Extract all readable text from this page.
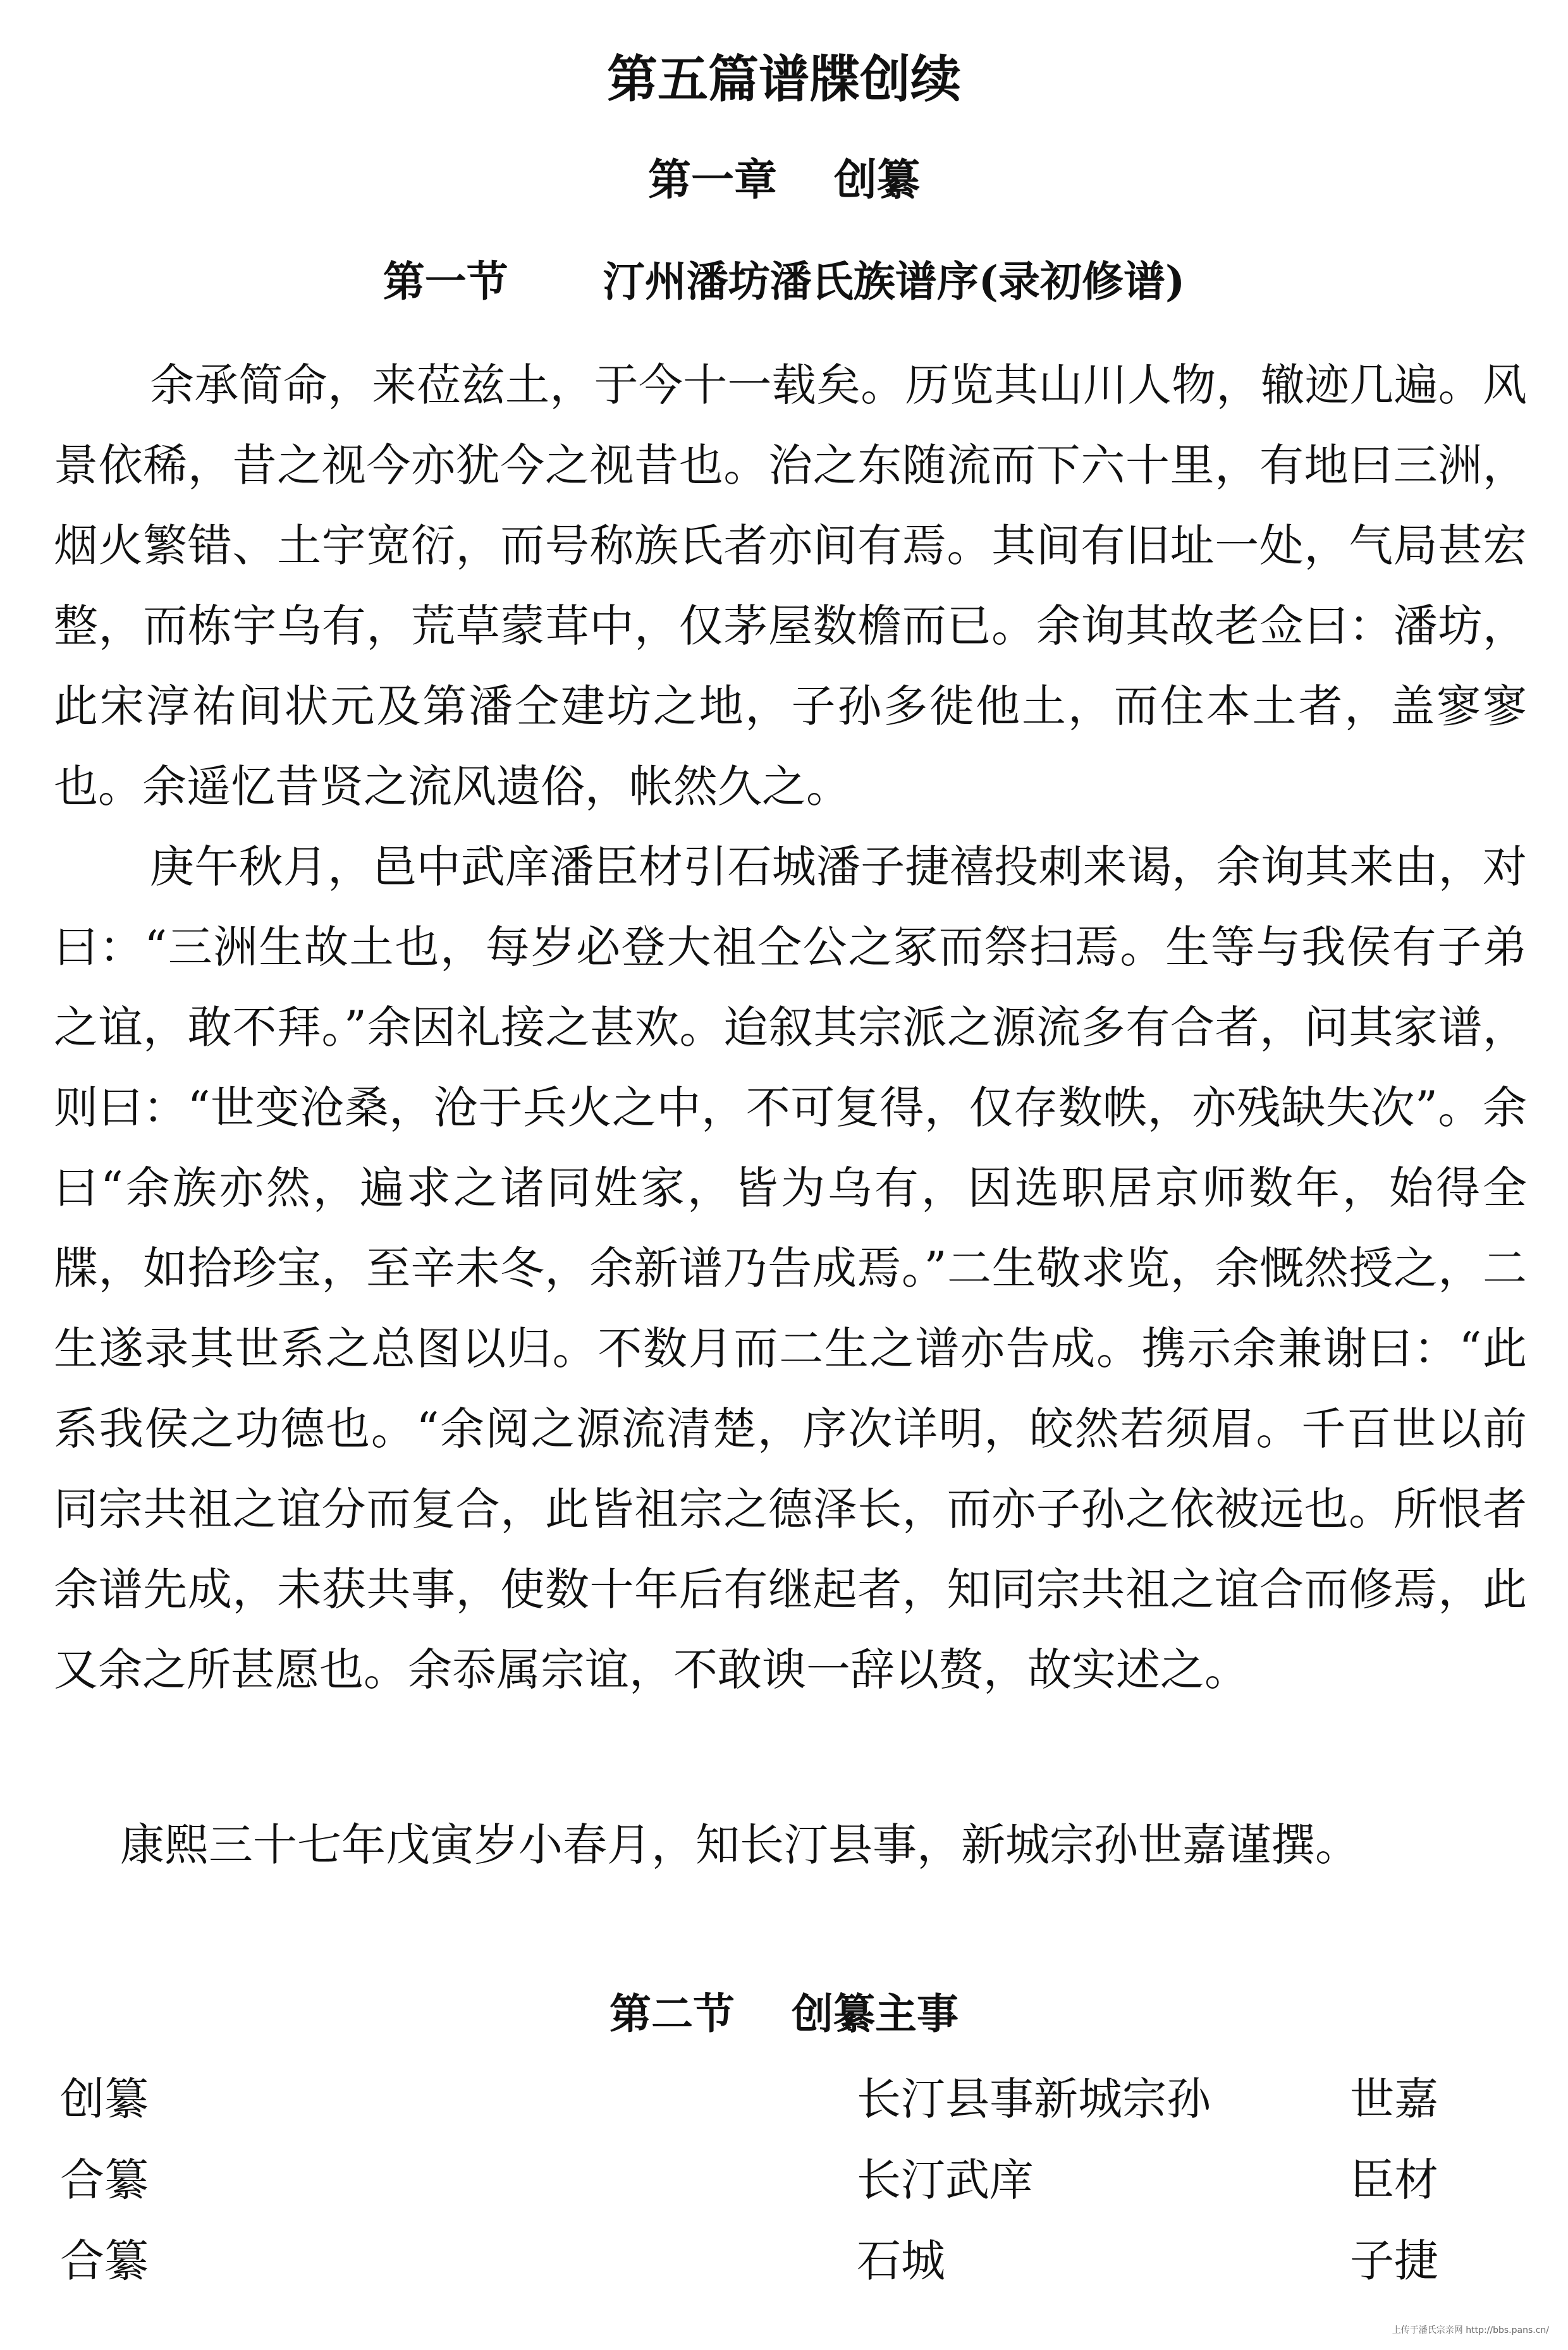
第五篇谱牒创续
第一章 创纂
第一节 汀州潘坊潘氏族谱序(录初修谱)

余承简命，来莅兹土，于今十一载矣。历览其山川人物，辙迹几遍。风景依稀，昔之视今亦犹今之视昔也。治之东随流而下六十里，有地曰三洲，烟火繁错、土宇宽衍，而号称族氏者亦间有焉。其间有旧址一处，气局甚宏整，而栋宇乌有，荒草蒙茸中，仅茅屋数檐而已。余询其故老佥曰：潘坊，此宋淳祐间状元及第潘仝建坊之地，子孙多徙他土，而住本土者，盖寥寥也。余遥忆昔贤之流风遗俗，帐然久之。

庚午秋月，邑中武庠潘臣材引石城潘子捷禧投刺来谒，余询其来由，对曰：“三洲生故土也，每岁必登大祖仝公之冢而祭扫焉。生等与我侯有子弟之谊，敢不拜。”余因礼接之甚欢。迨叙其宗派之源流多有合者，问其家谱，则曰：“世变沧桑，沧于兵火之中，不可复得，仅存数帙，亦残缺失次”。余曰“余族亦然，遍求之诸同姓家，皆为乌有，因选职居京师数年，始得全牒，如拾珍宝，至辛未冬，余新谱乃告成焉。”二生敬求览，余慨然授之，二生遂录其世系之总图以归。不数月而二生之谱亦告成。携示余兼谢曰：“此系我侯之功德也。“余阅之源流清楚，序次详明，皎然若须眉。千百世以前同宗共祖之谊分而复合，此皆祖宗之德泽长，而亦子孙之依被远也。所恨者余谱先成，未获共事，使数十年后有继起者，知同宗共祖之谊合而修焉，此又余之所甚愿也。余忝属宗谊，不敢谀一辞以赘，故实述之。

康熙三十七年戊寅岁小春月，知长汀县事，新城宗孙世嘉谨撰。

第二节 创纂主事
创纂	长汀县事新城宗孙	世嘉
合纂	长汀武庠	臣材
合纂	石城	子捷
上传于潘氏宗亲网 http://bbs.pans.cn/
